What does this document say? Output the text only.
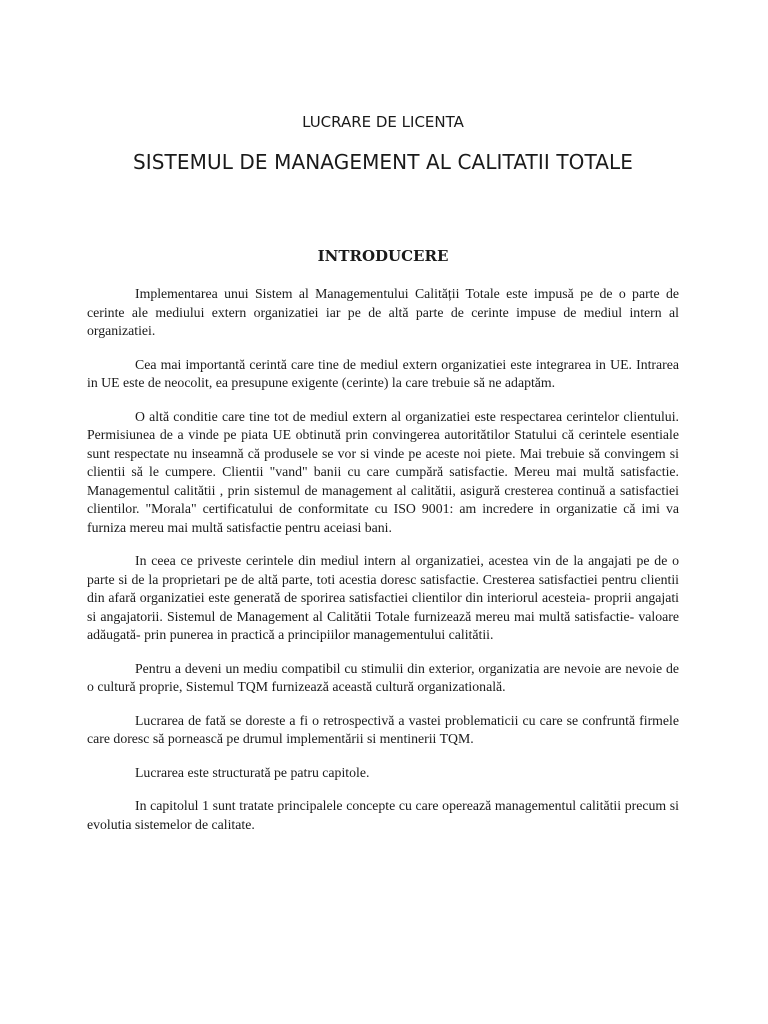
LUCRARE DE LICENTA
SISTEMUL DE MANAGEMENT AL CALITATII TOTALE
INTRODUCERE

Implementarea unui Sistem al Managementului Calității Totale este impusă pe de o parte de cerinte ale mediului extern organizatiei iar pe de altă parte de cerinte impuse de mediul intern al organizatiei.

Cea mai importantă cerintă care tine de mediul extern organizatiei este integrarea in UE. Intrarea in UE este de neocolit, ea presupune exigente (cerinte) la care trebuie să ne adaptăm.

O altă conditie care tine tot de mediul extern al organizatiei este respectarea cerintelor clientului. Permisiunea de a vinde pe piata UE obtinută prin convingerea autoritătilor Statului că cerintele esentiale sunt respectate nu inseamnă că produsele se vor si vinde pe aceste noi piete. Mai trebuie să convingem si clientii să le cumpere. Clientii "vand" banii cu care cumpără satisfactie. Mereu mai multă satisfactie. Managementul calitătii , prin sistemul de management al calitătii, asigură cresterea continuă a satisfactiei clientilor. "Morala" certificatului de conformitate cu ISO 9001: am incredere in organizatie că imi va furniza mereu mai multă satisfactie pentru aceiasi bani.

In ceea ce priveste cerintele din mediul intern al organizatiei, acestea vin de la angajati pe de o parte si de la proprietari pe de altă parte, toti acestia doresc satisfactie. Cresterea satisfactiei pentru clientii din afară organizatiei este generată de sporirea satisfactiei clientilor din interiorul acesteia- proprii angajati si angajatorii. Sistemul de Management al Calitătii Totale furnizează mereu mai multă satisfactie- valoare adăugată- prin punerea in practică a principiilor managementului calitătii.

Pentru a deveni un mediu compatibil cu stimulii din exterior, organizatia are nevoie are nevoie de o cultură proprie, Sistemul TQM furnizează această cultură organizatională.

Lucrarea de fată se doreste a fi o retrospectivă a vastei problematicii cu care se confruntă firmele care doresc să pornească pe drumul implementării si mentinerii TQM.

Lucrarea este structurată pe patru capitole.

In capitolul 1 sunt tratate principalele concepte cu care operează managementul calitătii precum si evolutia sistemelor de calitate.
